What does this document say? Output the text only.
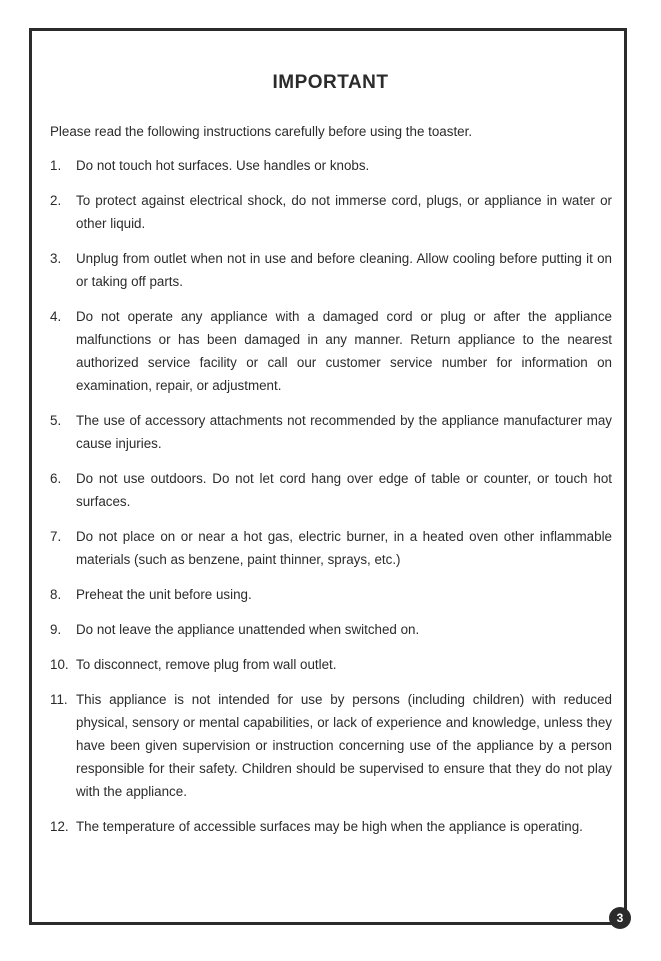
IMPORTANT
Please read the following instructions carefully before using the toaster.
1. Do not touch hot surfaces. Use handles or knobs.
2. To protect against electrical shock, do not immerse cord, plugs, or appliance in water or other liquid.
3. Unplug from outlet when not in use and before cleaning. Allow cooling before putting it on or taking off parts.
4. Do not operate any appliance with a damaged cord or plug or after the appliance malfunctions or has been damaged in any manner. Return appliance to the nearest authorized service facility or call our customer service number for information on examination, repair, or adjustment.
5. The use of accessory attachments not recommended by the appliance manufacturer may cause injuries.
6. Do not use outdoors. Do not let cord hang over edge of table or counter, or touch hot surfaces.
7. Do not place on or near a hot gas, electric burner, in a heated oven other inflammable materials (such as benzene, paint thinner, sprays, etc.)
8. Preheat the unit before using.
9. Do not leave the appliance unattended when switched on.
10. To disconnect, remove plug from wall outlet.
11. This appliance is not intended for use by persons (including children) with reduced physical, sensory or mental capabilities, or lack of experience and knowledge, unless they have been given supervision or instruction concerning use of the appliance by a person responsible for their safety. Children should be supervised to ensure that they do not play with the appliance.
12. The temperature of accessible surfaces may be high when the appliance is operating.
3
